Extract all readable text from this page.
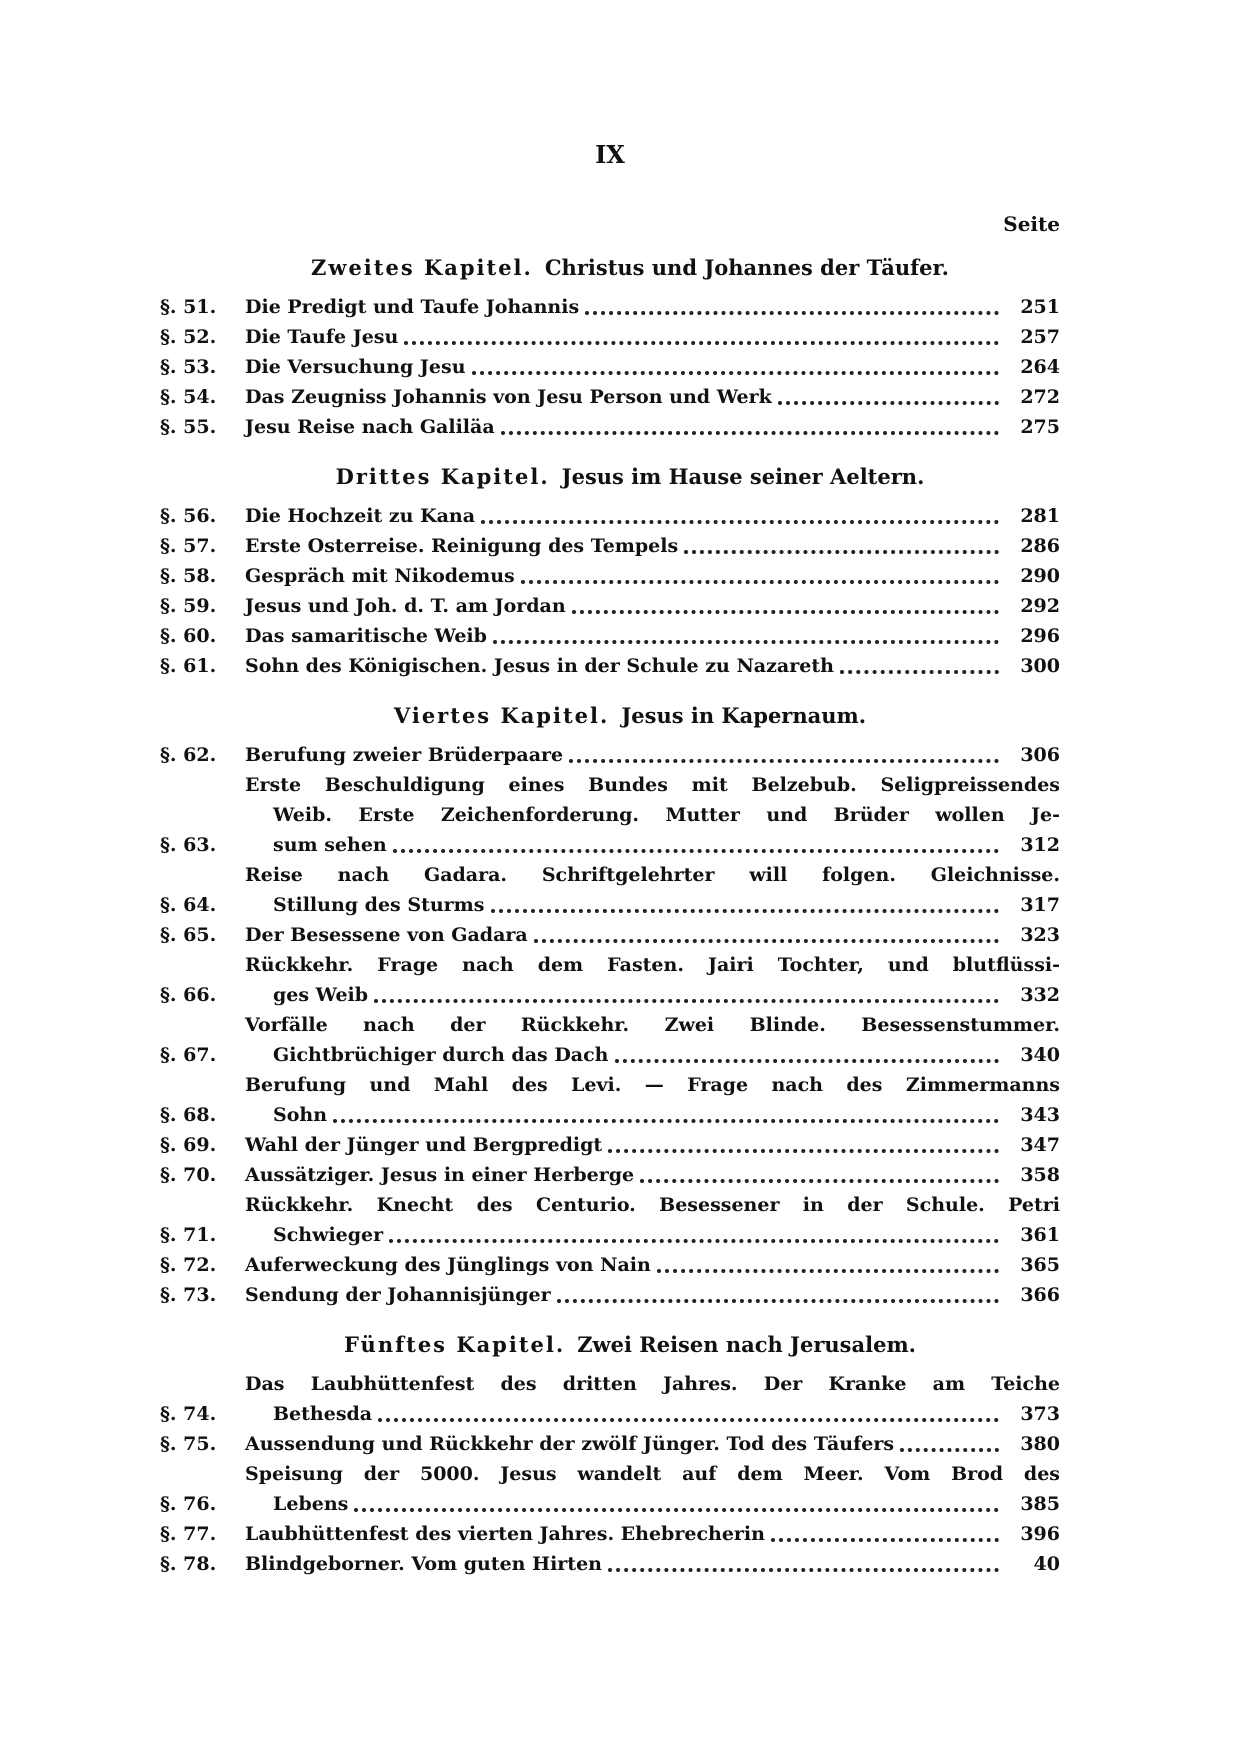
IX
Seite
Zweites Kapitel. Christus und Johannes der Täufer.
§. 51.	Die Predigt und Taufe Johannis	251
§. 52.	Die Taufe Jesu	257
§. 53.	Die Versuchung Jesu	264
§. 54.	Das Zeugniss Johannis von Jesu Person und Werk	272
§. 55.	Jesu Reise nach Galiläa	275
Drittes Kapitel. Jesus im Hause seiner Aeltern.
§. 56.	Die Hochzeit zu Kana	281
§. 57.	Erste Osterreise. Reinigung des Tempels	286
§. 58.	Gespräch mit Nikodemus	290
§. 59.	Jesus und Joh. d. T. am Jordan	292
§. 60.	Das samaritische Weib	296
§. 61.	Sohn des Königischen. Jesus in der Schule zu Nazareth	300
Viertes Kapitel. Jesus in Kapernaum.
§. 62.	Berufung zweier Brüderpaare	306
§. 63.
Erste Beschuldigung eines Bundes mit Belzebub. Seligpreissendes
Weib. Erste Zeichenforderung. Mutter und Brüder wollen Je-
sum sehen	312
§. 64.
Reise nach Gadara. Schriftgelehrter will folgen. Gleichnisse.
Stillung des Sturms	317
§. 65.	Der Besessene von Gadara	323
§. 66.
Rückkehr. Frage nach dem Fasten. Jairi Tochter, und blutflüssi-
ges Weib	332
§. 67.
Vorfälle nach der Rückkehr. Zwei Blinde. Besessenstummer.
Gichtbrüchiger durch das Dach	340
§. 68.
Berufung und Mahl des Levi. — Frage nach des Zimmermanns
Sohn	343
§. 69.	Wahl der Jünger und Bergpredigt	347
§. 70.	Aussätziger. Jesus in einer Herberge	358
§. 71.
Rückkehr. Knecht des Centurio. Besessener in der Schule. Petri
Schwieger	361
§. 72.	Auferweckung des Jünglings von Nain	365
§. 73.	Sendung der Johannisjünger	366
Fünftes Kapitel. Zwei Reisen nach Jerusalem.
§. 74.
Das Laubhüttenfest des dritten Jahres. Der Kranke am Teiche
Bethesda	373
§. 75.	Aussendung und Rückkehr der zwölf Jünger. Tod des Täufers	380
§. 76.
Speisung der 5000. Jesus wandelt auf dem Meer. Vom Brod des
Lebens	385
§. 77.	Laubhüttenfest des vierten Jahres. Ehebrecherin	396
§. 78.	Blindgeborner. Vom guten Hirten	40
